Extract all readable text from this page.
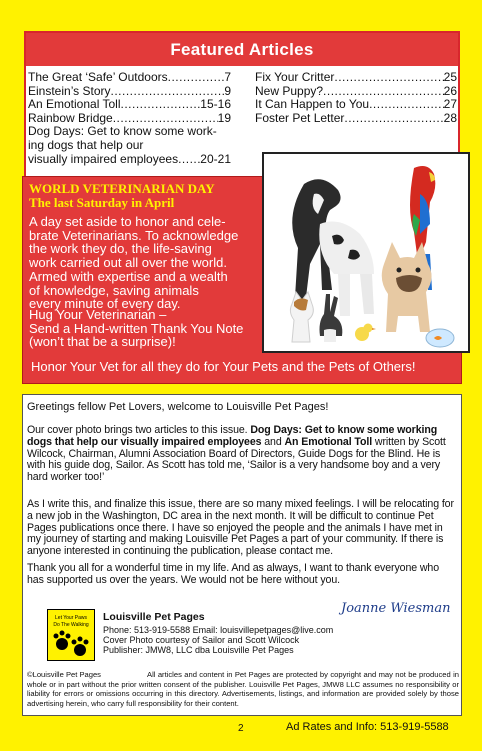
Featured Articles
The Great ‘Safe’ Outdoors .....	7
Einstein’s Story .....	9
An Emotional Toll .....	15-16
Rainbow Bridge .....	19
Dog Days: Get to know some work-
ing dogs that help our
visually impaired employees ..... 20-21
Fix Your Critter .....	25
New Puppy? .....	26
It Can Happen to You .....	27
Foster Pet Letter .....	28
WORLD VETERINARIAN DAY
The last Saturday in April
A day set aside to honor and cele-
brate Veterinarians. To acknowledge
the work they do, the life-saving
work carried out all over the world.
Armed with expertise and a wealth
of knowledge, saving animals
every minute of every day.
Hug Your Veterinarian –
Send a Hand-written Thank You Note
(won’t that be a surprise)!
Honor Your Vet for all they do for Your Pets and the Pets of Others!
Greetings fellow Pet Lovers, welcome to Louisville Pet Pages!
Our cover photo brings two articles to this issue. Dog Days: Get to know some working dogs that help our visually impaired employees and An Emotional Toll written by Scott Wilcock, Chairman, Alumni Association Board of Directors, Guide Dogs for the Blind. He is with his guide dog, Sailor. As Scott has told me, ‘Sailor is a very handsome boy and a very hard worker too!’
As I write this, and finalize this issue, there are so many mixed feelings. I will be relocating for a new job in the Washington, DC area in the next month. It will be difficult to continue Pet Pages publications once there. I have so enjoyed the people and the animals I have met in my journey of starting and making Louisville Pet Pages a part of your community. If there is anyone interested in continuing the publication, please contact me.
Thank you all for a wonderful time in my life. And as always, I want to thank everyone who has supported us over the years. We would not be here without you.
Joanne Wiesman
Let Your Paws
Do The Walking
Louisville Pet Pages
Phone: 513-919-5588 Email: louisvillepetpages@live.com
Cover Photo courtesy of Sailor and Scott Wilcock
Publisher: JMW8, LLC dba Louisville Pet Pages
©Louisville Pet Pages	All articles and content in Pet Pages are protected by copyright and may not be produced in whole or in part without the prior written consent of the publisher. Louisville Pet Pages, JMW8 LLC assumes no responsibility or liability for errors or omissions occurring in this directory. Advertisements, listings, and information are provided solely by those advertising herein, who carry full responsibility for their content.
2	Ad Rates and Info: 513-919-5588
